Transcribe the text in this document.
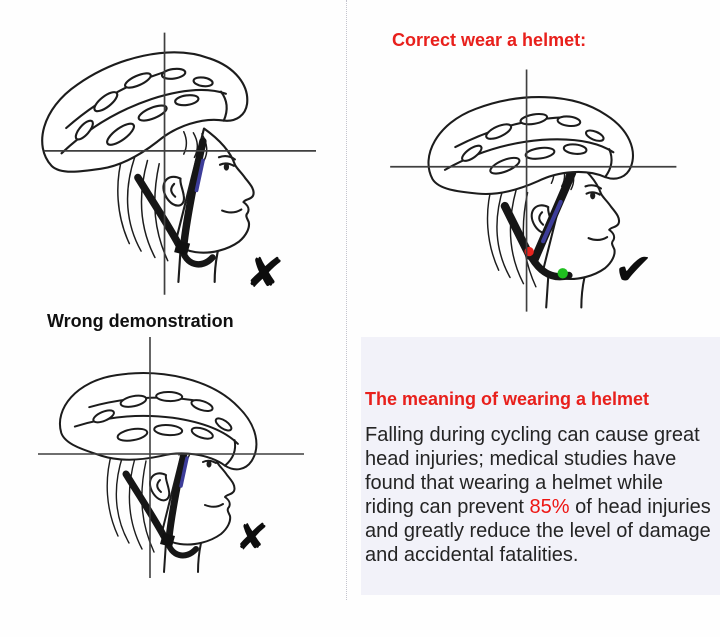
✘
Wrong demonstration
✘
Correct wear a helmet:
✔

The meaning of wearing a helmet

Falling during cycling can cause great head injuries; medical studies have found that wearing a helmet while riding can prevent 85% of head injuries and greatly reduce the level of damage and accidental fatalities.
